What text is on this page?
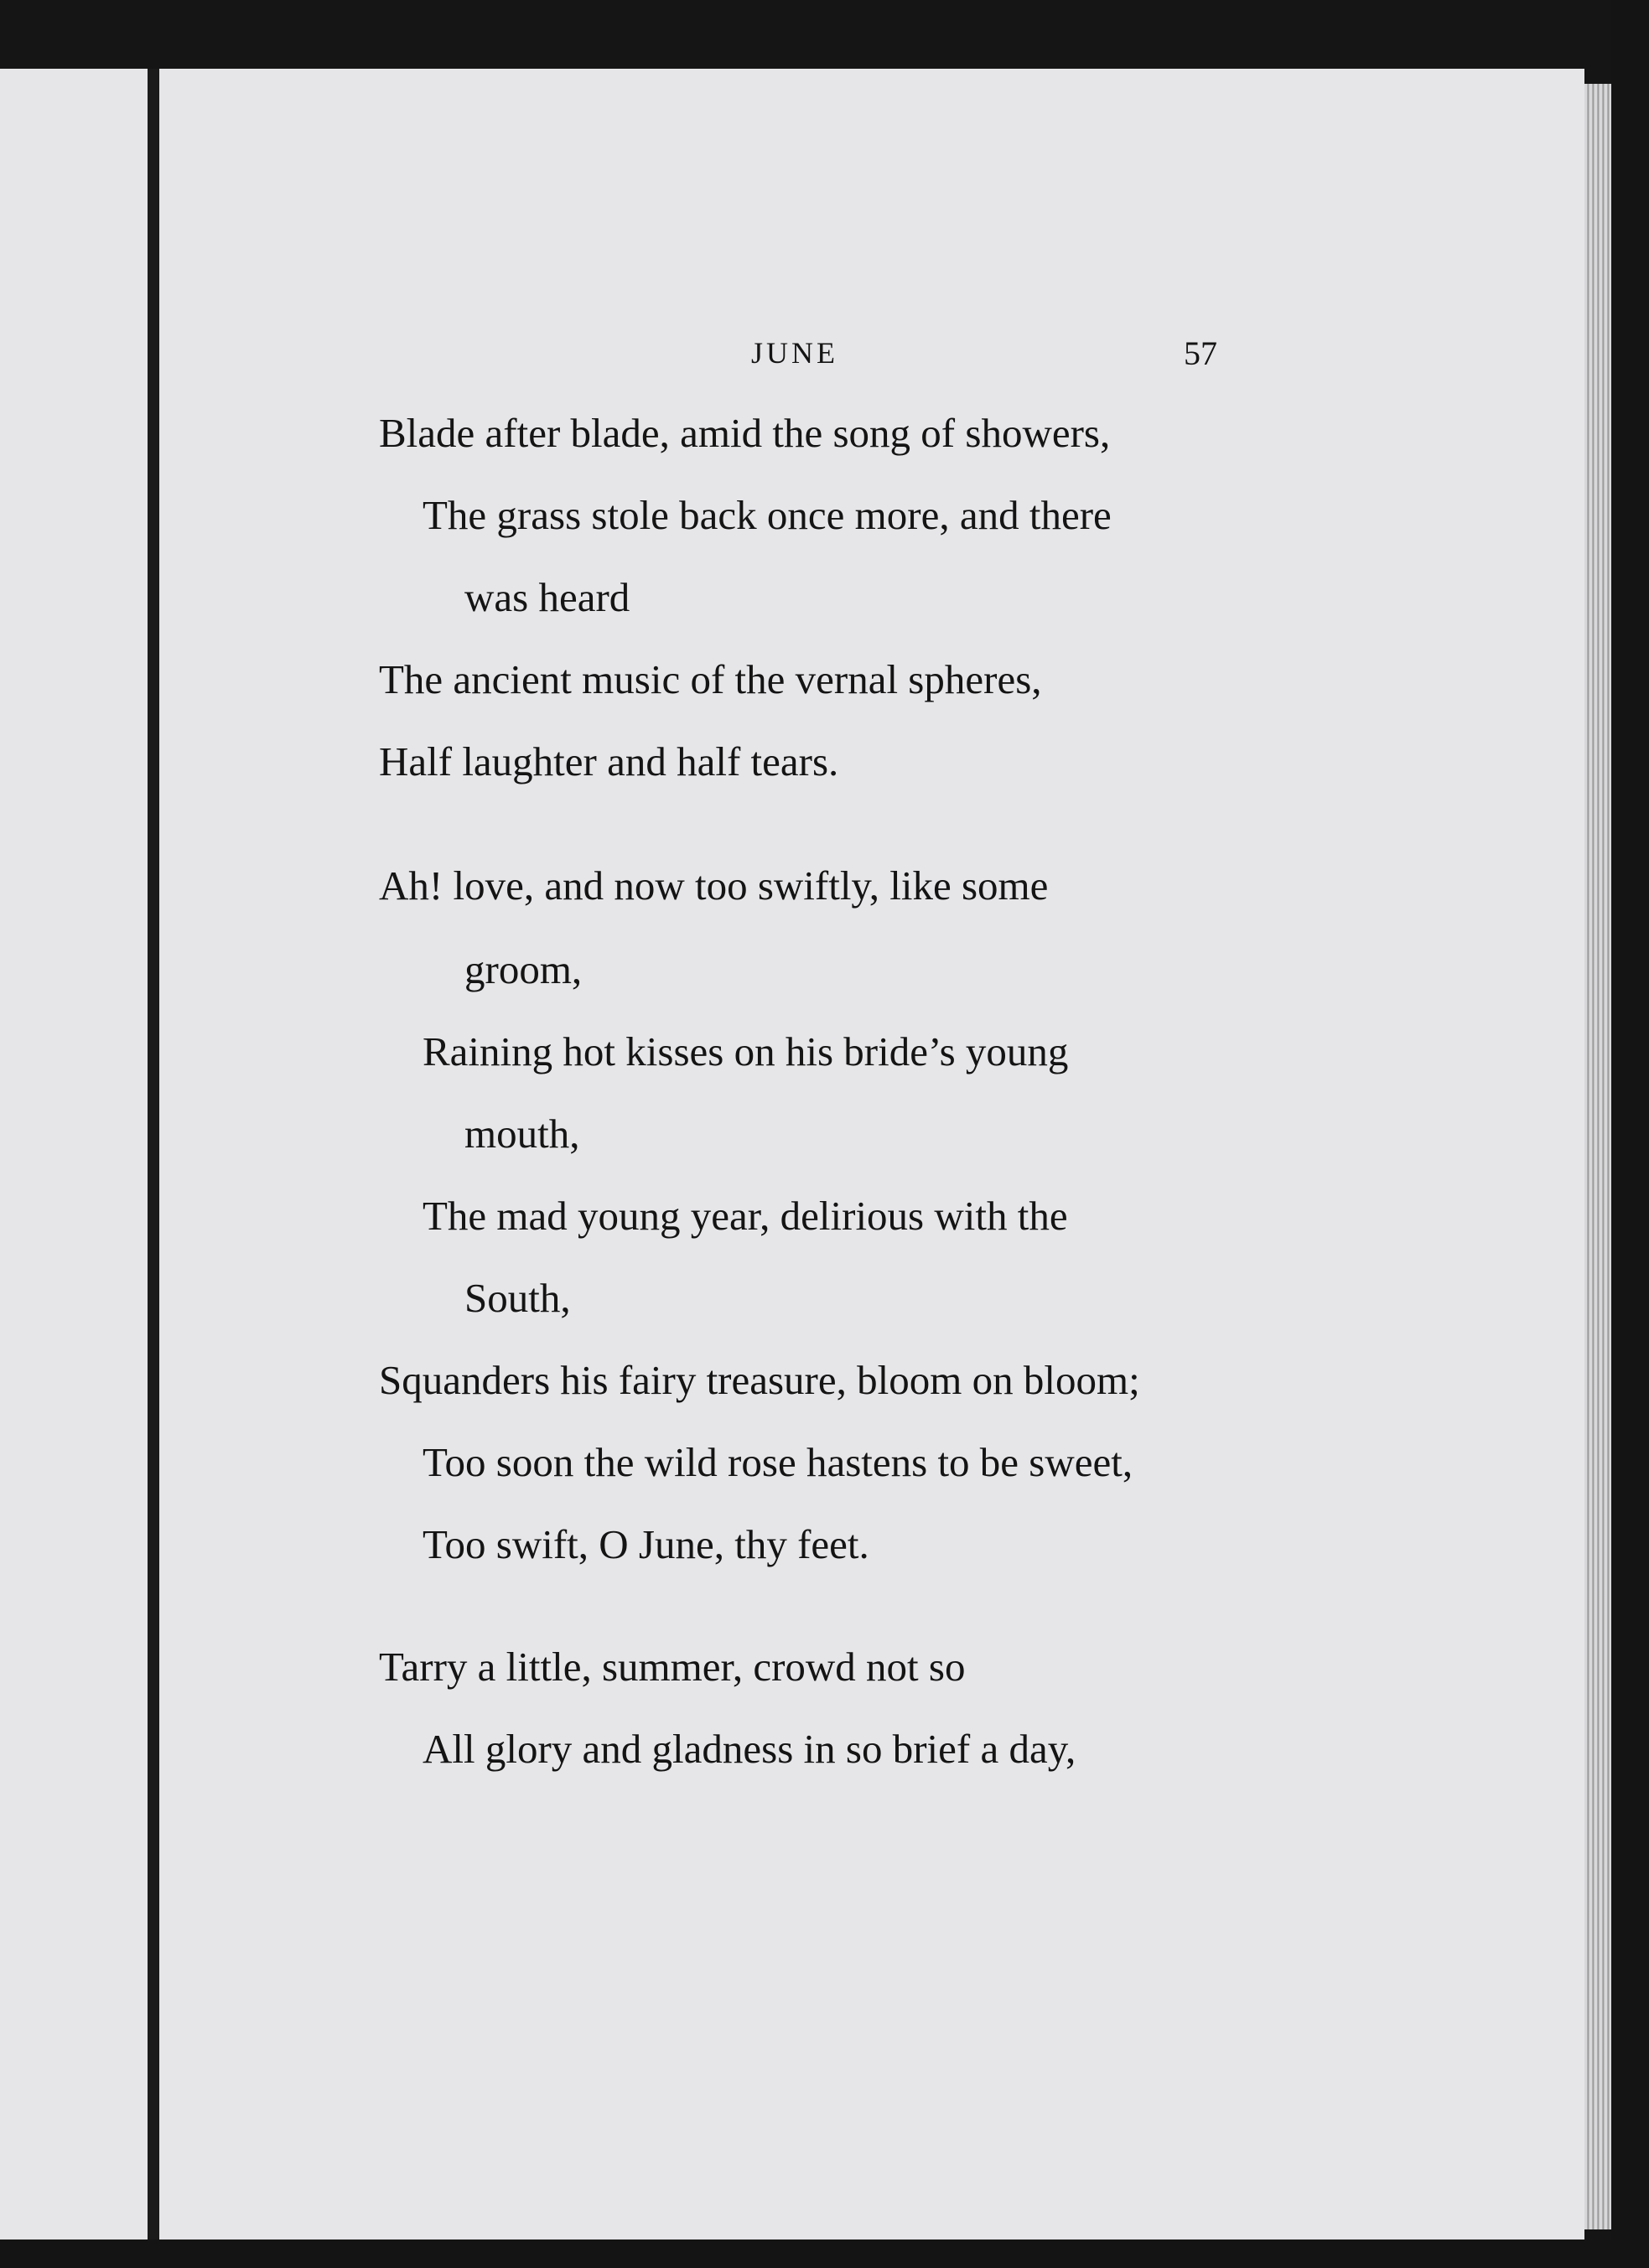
JUNE	57
Blade after blade, amid the song of showers,
The grass stole back once more, and there
was heard
The ancient music of the vernal spheres,
Half laughter and half tears.
Ah! love, and now too swiftly, like some
groom,
Raining hot kisses on his bride’s young
mouth,
The mad young year, delirious with the
South,
Squanders his fairy treasure, bloom on bloom;
Too soon the wild rose hastens to be sweet,
Too swift, O June, thy feet.
Tarry a little, summer, crowd not so
All glory and gladness in so brief a day,
